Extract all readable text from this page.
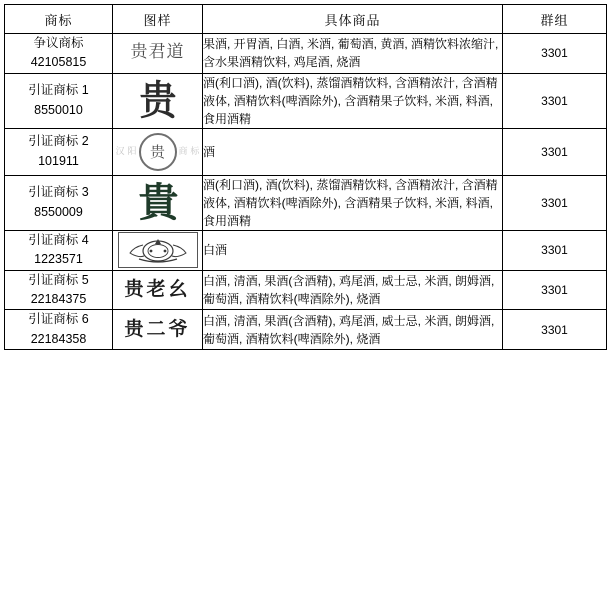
商标	图样	具体商品	群组

争议商标
42105815	贵君道	果酒, 开胃酒, 白酒, 米酒, 葡萄酒, 黄酒, 酒精饮料浓缩汁, 含水果酒精饮料, 鸡尾酒, 烧酒	3301

引证商标 1
8550010	贵	酒(利口酒), 酒(饮料), 蒸馏酒精饮料, 含酒精浓汁, 含酒精液体, 酒精饮料(啤酒除外), 含酒精果子饮料, 米酒, 料酒, 食用酒精	3301

引证商标 2
101911	汉 阳 贵 商 标	酒	3301

引证商标 3
8550009	貴	酒(利口酒), 酒(饮料), 蒸馏酒精饮料, 含酒精浓汁, 含酒精液体, 酒精饮料(啤酒除外), 含酒精果子饮料, 米酒, 料酒, 食用酒精	3301

引证商标 4
1223571		白酒	3301

引证商标 5
22184375	贵老幺	白酒, 清酒, 果酒(含酒精), 鸡尾酒, 威士忌, 米酒, 朗姆酒, 葡萄酒, 酒精饮料(啤酒除外), 烧酒	3301

引证商标 6
22184358	贵二爷	白酒, 清酒, 果酒(含酒精), 鸡尾酒, 威士忌, 米酒, 朗姆酒, 葡萄酒, 酒精饮料(啤酒除外), 烧酒	3301
